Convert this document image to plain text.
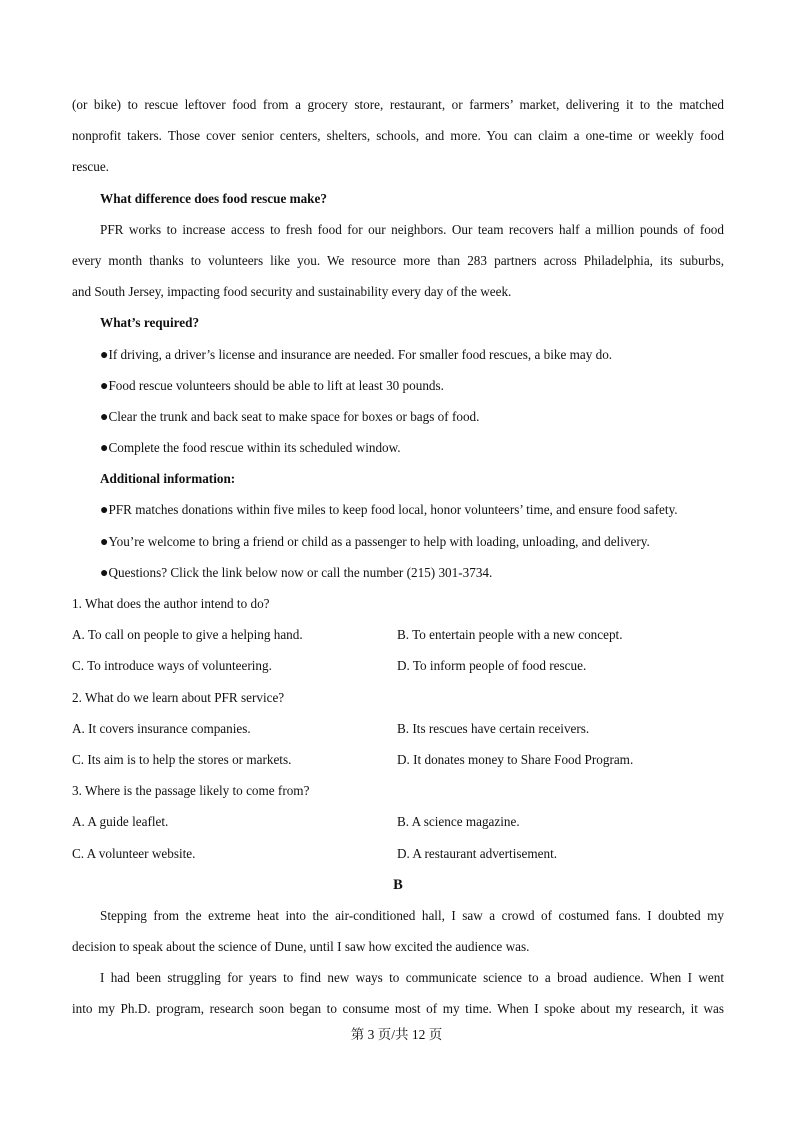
(or bike) to rescue leftover food from a grocery store, restaurant, or farmers’ market, delivering it to the matched
nonprofit takers. Those cover senior centers, shelters, schools, and more. You can claim a one-time or weekly food
rescue.
What difference does food rescue make?
PFR works to increase access to fresh food for our neighbors. Our team recovers half a million pounds of food
every month thanks to volunteers like you. We resource more than 283 partners across Philadelphia, its suburbs,
and South Jersey, impacting food security and sustainability every day of the week.
What’s required?
●If driving, a driver’s license and insurance are needed. For smaller food rescues, a bike may do.
●Food rescue volunteers should be able to lift at least 30 pounds.
●Clear the trunk and back seat to make space for boxes or bags of food.
●Complete the food rescue within its scheduled window.
Additional information:
●PFR matches donations within five miles to keep food local, honor volunteers’ time, and ensure food safety.
●You’re welcome to bring a friend or child as a passenger to help with loading, unloading, and delivery.
●Questions? Click the link below now or call the number (215) 301-3734.
1. What does the author intend to do?
A. To call on people to give a helping hand.	B. To entertain people with a new concept.
C. To introduce ways of volunteering.	D. To inform people of food rescue.
2. What do we learn about PFR service?
A. It covers insurance companies.	B. Its rescues have certain receivers.
C. Its aim is to help the stores or markets.	D. It donates money to Share Food Program.
3. Where is the passage likely to come from?
A. A guide leaflet.	B. A science magazine.
C. A volunteer website.	D. A restaurant advertisement.
B
Stepping from the extreme heat into the air-conditioned hall, I saw a crowd of costumed fans. I doubted my
decision to speak about the science of Dune, until I saw how excited the audience was.
I had been struggling for years to find new ways to communicate science to a broad audience. When I went
into my Ph.D. program, research soon began to consume most of my time. When I spoke about my research, it was
第 3 页/共 12 页
